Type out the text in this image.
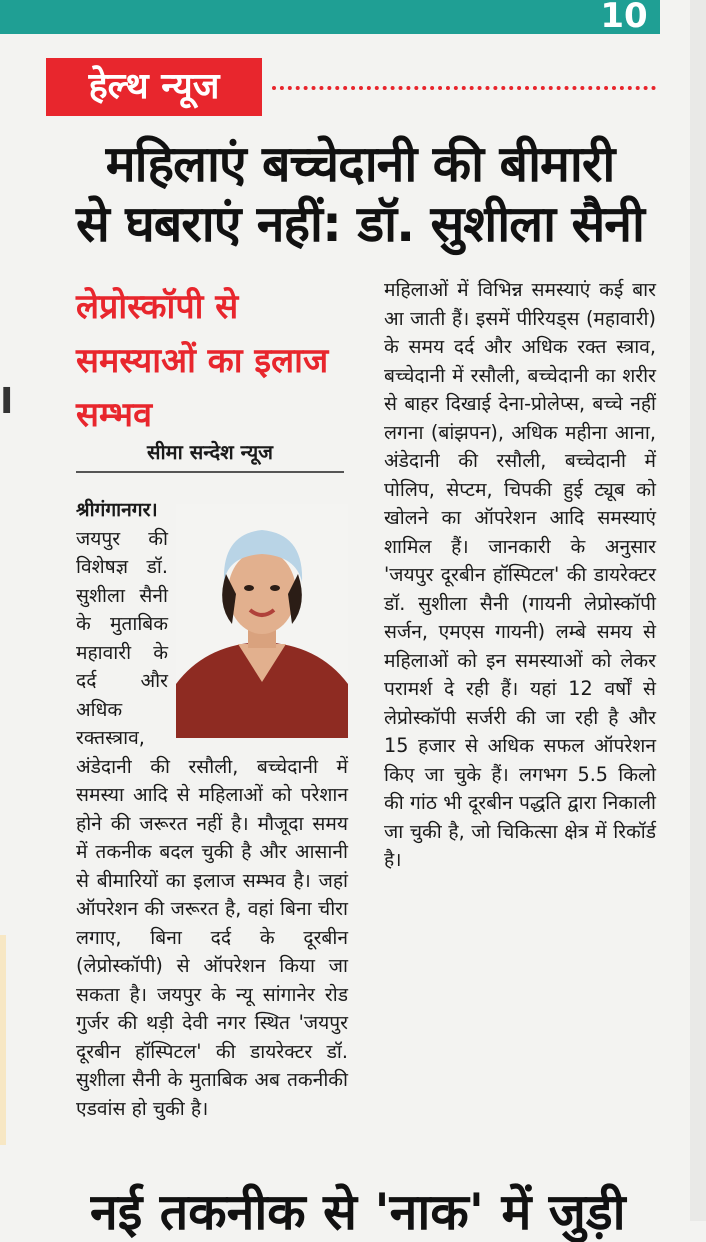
10
I
हेल्थ न्यूज
महिलाएं बच्चेदानी की बीमारी
से घबराएं नहीं: डॉ. सुशीला सैनी
लेप्रोस्कॉपी से समस्याओं का इलाज सम्भव
सीमा सन्देश न्यूज

श्रीगंगानगर। जयपुर की विशेषज्ञ डॉ. सुशीला सैनी के मुताबिक महावारी के दर्द और अधिक रक्तस्त्राव, अंडेदानी की रसौली, बच्चेदानी में समस्या आदि से महिलाओं को परेशान होने की जरूरत नहीं है। मौजूदा समय में तकनीक बदल चुकी है और आसानी से बीमारियों का इलाज सम्भव है। जहां ऑपरेशन की जरूरत है, वहां बिना चीरा लगाए, बिना दर्द के दूरबीन (लेप्रोस्कॉपी) से ऑपरेशन किया जा सकता है। जयपुर के न्यू सांगानेर रोड गुर्जर की थड़ी देवी नगर स्थित 'जयपुर दूरबीन हॉस्पिटल' की डायरेक्टर डॉ. सुशीला सैनी के मुताबिक अब तकनीकी एडवांस हो चुकी है।

महिलाओं में विभिन्न समस्याएं कई बार आ जाती हैं। इसमें पीरियड्स (महावारी) के समय दर्द और अधिक रक्त स्त्राव, बच्चेदानी में रसौली, बच्चेदानी का शरीर से बाहर दिखाई देना-प्रोलेप्स, बच्चे नहीं लगना (बांझपन), अधिक महीना आना, अंडेदानी की रसौली, बच्चेदानी में पोलिप, सेप्टम, चिपकी हुई ट्यूब को खोलने का ऑपरेशन आदि समस्याएं शामिल हैं। जानकारी के अनुसार 'जयपुर दूरबीन हॉस्पिटल' की डायरेक्टर डॉ. सुशीला सैनी (गायनी लेप्रोस्कॉपी सर्जन, एमएस गायनी) लम्बे समय से महिलाओं को इन समस्याओं को लेकर परामर्श दे रही हैं। यहां 12 वर्षों से लेप्रोस्कॉपी सर्जरी की जा रही है और 15 हजार से अधिक सफल ऑपरेशन किए जा चुके हैं। लगभग 5.5 किलो की गांठ भी दूरबीन पद्धति द्वारा निकाली जा चुकी है, जो चिकित्सा क्षेत्र में रिकॉर्ड है।

नई तकनीक से 'नाक' में जुड़ी
